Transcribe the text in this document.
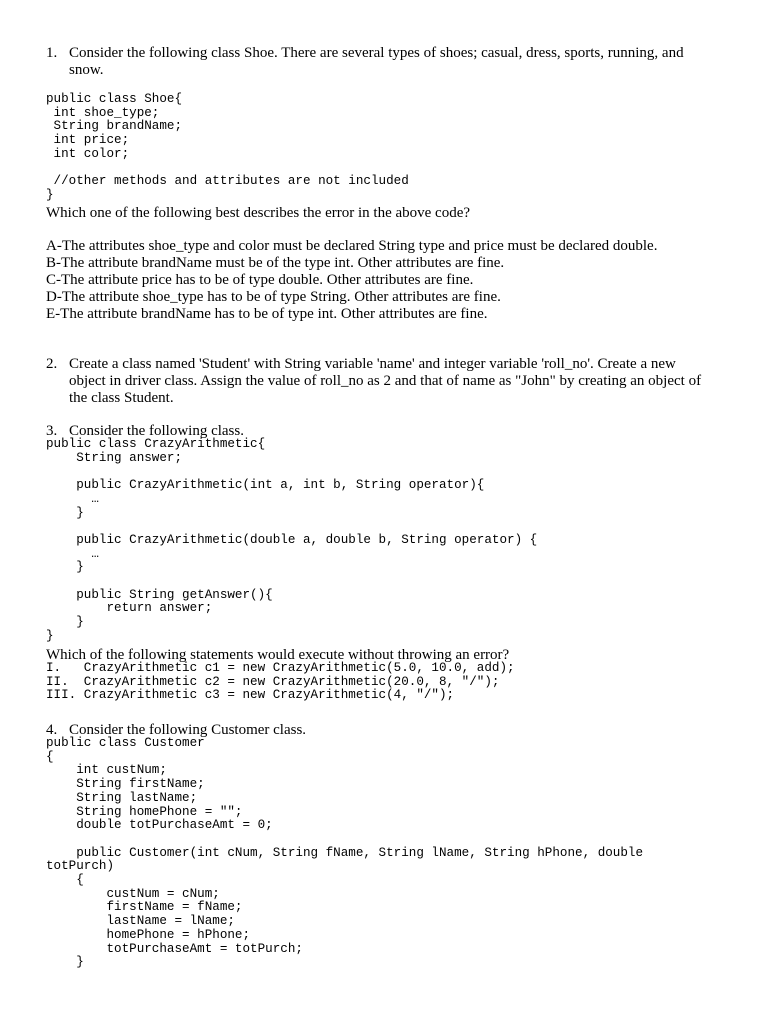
1. Consider the following class Shoe. There are several types of shoes; casual, dress, sports, running, and snow.
public class Shoe{
int shoe_type;
String brandName;
int price;
int color;

//other methods and attributes are not included
}
Which one of the following best describes the error in the above code?
A-The attributes shoe_type and color must be declared String type and price must be declared double.
B-The attribute brandName must be of the type int. Other attributes are fine.
C-The attribute price has to be of type double. Other attributes are fine.
D-The attribute shoe_type has to be of type String. Other attributes are fine.
E-The attribute brandName has to be of type int. Other attributes are fine.
2. Create a class named 'Student' with String variable 'name' and integer variable 'roll_no'. Create a new object in driver class. Assign the value of roll_no as 2 and that of name as "John" by creating an object of the class Student.
3. Consider the following class.
public class CrazyArithmetic{
String answer;

public CrazyArithmetic(int a, int b, String operator){
…
}

public CrazyArithmetic(double a, double b, String operator) {
…
}

public String getAnswer(){
return answer;
}
}
Which of the following statements would execute without throwing an error?
I.   CrazyArithmetic c1 = new CrazyArithmetic(5.0, 10.0, add);
II.  CrazyArithmetic c2 = new CrazyArithmetic(20.0, 8, "/");
III. CrazyArithmetic c3 = new CrazyArithmetic(4, "/");
4. Consider the following Customer class.
public class Customer
{
int custNum;
String firstName;
String lastName;
String homePhone = "";
double totPurchaseAmt = 0;

public Customer(int cNum, String fName, String lName, String hPhone, double
totPurch)
{
custNum = cNum;
firstName = fName;
lastName = lName;
homePhone = hPhone;
totPurchaseAmt = totPurch;
}
